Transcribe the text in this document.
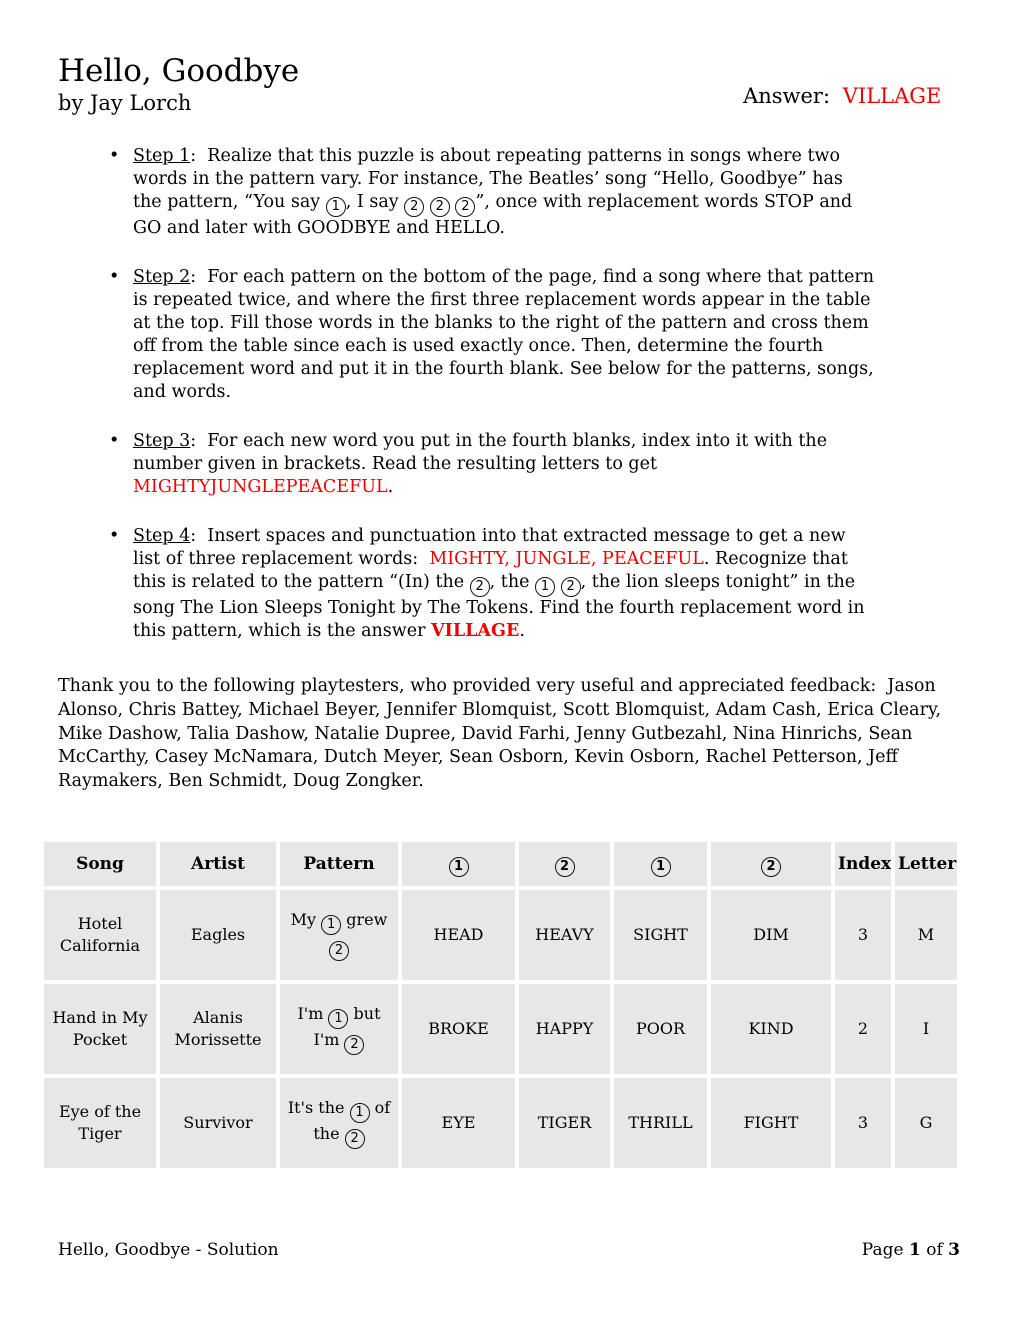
Hello, Goodbye
by Jay Lorch	Answer: VILLAGE

• Step 1:  Realize that this puzzle is about repeating patterns in songs where two words in the pattern vary. For instance, The Beatles’ song “Hello, Goodbye” has the pattern, “You say 1 , I say 2 2 2 ”, once with replacement words STOP and GO and later with GOODBYE and HELLO.

• Step 2:  For each pattern on the bottom of the page, find a song where that pattern is repeated twice, and where the first three replacement words appear in the table at the top. Fill those words in the blanks to the right of the pattern and cross them off from the table since each is used exactly once. Then, determine the fourth replacement word and put it in the fourth blank. See below for the patterns, songs, and words.

• Step 3:  For each new word you put in the fourth blanks, index into it with the number given in brackets. Read the resulting letters to get MIGHTYJUNGLEPEACEFUL.

• Step 4:  Insert spaces and punctuation into that extracted message to get a new list of three replacement words:  MIGHTY, JUNGLE, PEACEFUL. Recognize that this is related to the pattern “(In) the 2 , the 1 2 , the lion sleeps tonight” in the song The Lion Sleeps Tonight by The Tokens. Find the fourth replacement word in this pattern, which is the answer VILLAGE.

Thank you to the following playtesters, who provided very useful and appreciated feedback:  Jason Alonso, Chris Battey, Michael Beyer, Jennifer Blomquist, Scott Blomquist, Adam Cash, Erica Cleary, Mike Dashow, Talia Dashow, Natalie Dupree, David Farhi, Jenny Gutbezahl, Nina Hinrichs, Sean McCarthy, Casey McNamara, Dutch Meyer, Sean Osborn, Kevin Osborn, Rachel Petterson, Jeff Raymakers, Ben Schmidt, Doug Zongker.

Song	Artist	Pattern	1	2	1	2	Index	Letter
Hotel California	Eagles	My 1 grew 2	HEAD	HEAVY	SIGHT	DIM	3	M
Hand in My Pocket	Alanis Morissette	I'm 1 but I'm 2	BROKE	HAPPY	POOR	KIND	2	I
Eye of the Tiger	Survivor	It's the 1 of the 2	EYE	TIGER	THRILL	FIGHT	3	G
Hello, Goodbye - Solution	Page 1 of 3
